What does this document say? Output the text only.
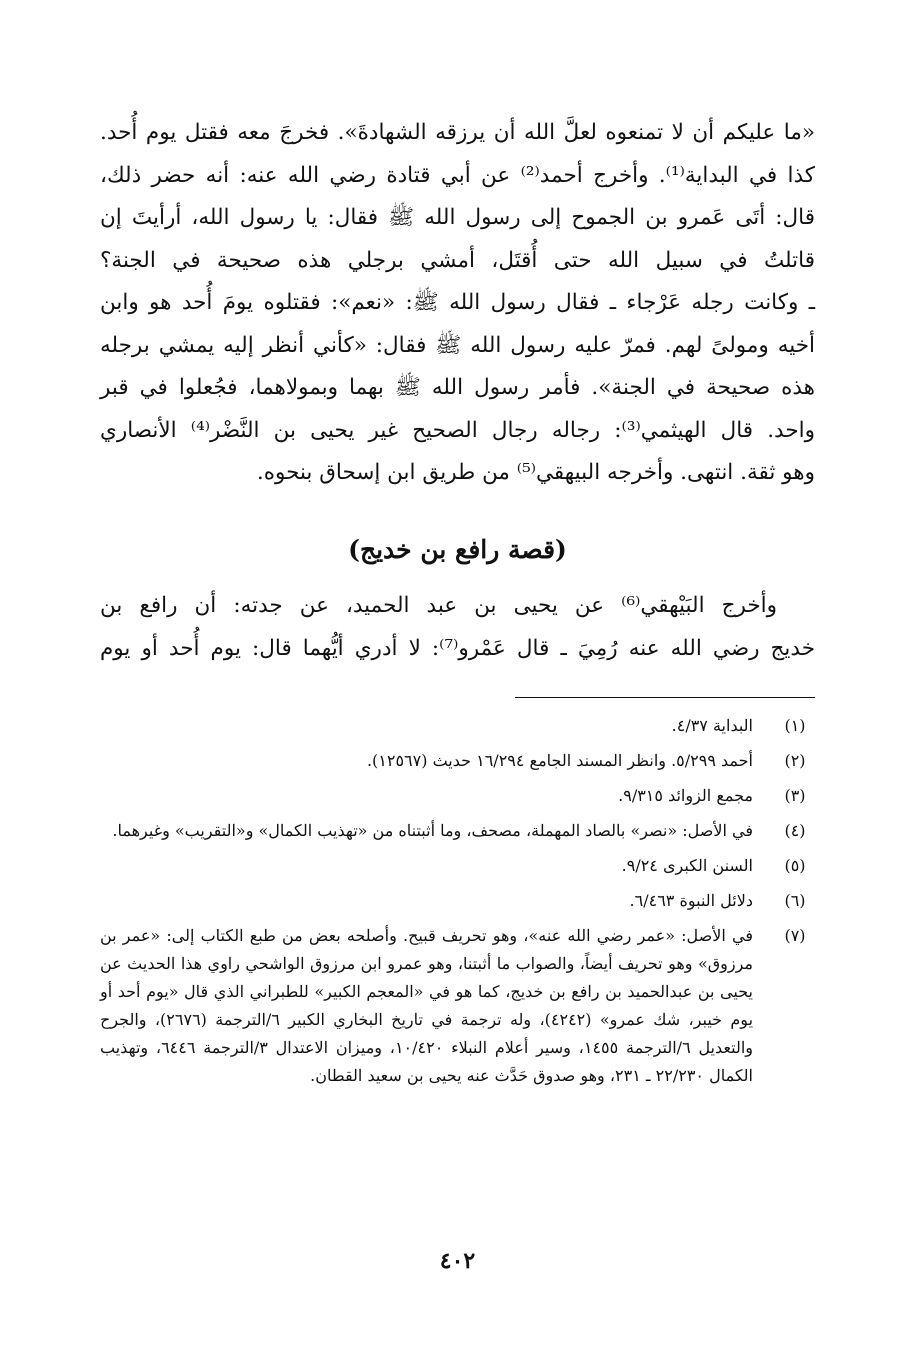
«ما عليكم أن لا تمنعوه لعلَّ الله أن يرزقه الشهادةَ». فخرجَ معه فقتل يوم أُحد.

كذا في البداية⁽¹⁾. وأخرج أحمد⁽²⁾ عن أبي قتادة رضي الله عنه: أنه حضر ذلك،

قال: أتَى عَمرو بن الجموح إلى رسول الله ﷺ فقال: يا رسول الله، أرأيتَ إن

قاتلتُ في سبيل الله حتى أُقتَل، أمشي برجلي هذه صحيحة في الجنة؟

ـ وكانت رجله عَرْجاء ـ فقال رسول الله ﷺ: «نعم»: فقتلوه يومَ أُحد هو وابن

أخيه ومولىً لهم. فمرّ عليه رسول الله ﷺ فقال: «كأني أنظر إليه يمشي برجله

هذه صحيحة في الجنة». فأمر رسول الله ﷺ بهما وبمولاهما، فجُعلوا في قبر

واحد. قال الهيثمي⁽³⁾: رجاله رجال الصحيح غير يحيى بن النَّضْر⁽⁴⁾ الأنصاري

وهو ثقة. انتهى. وأخرجه البيهقي⁽⁵⁾ من طريق ابن إسحاق بنحوه.

(قصة رافع بن خديج)

وأخرج البَيْهقي⁽⁶⁾ عن يحيى بن عبد الحميد، عن جدته: أن رافع بن

خديج رضي الله عنه رُمِيَ ـ قال عَمْرو⁽⁷⁾: لا أدري أيُّهما قال: يوم أُحد أو يوم

(١)
البداية ٤/٣٧.
(٢)
أحمد ٥/٢٩٩. وانظر المسند الجامع ١٦/٢٩٤ حديث (١٢٥٦٧).
(٣)
مجمع الزوائد ٩/٣١٥.
(٤)
في الأصل: «نصر» بالصاد المهملة، مصحف، وما أثبتناه من «تهذيب الكمال» و«التقريب» وغيرهما.
(٥)
السنن الكبرى ٩/٢٤.
(٦)
دلائل النبوة ٦/٤٦٣.
(٧)
في الأصل: «عمر رضي الله عنه»، وهو تحريف قبيح. وأصلحه بعض من طبع الكتاب إلى: «عمر بن مرزوق» وهو تحريف أيضاً، والصواب ما أثبتنا، وهو عمرو ابن مرزوق الواشحي راوي هذا الحديث عن يحيى بن عبدالحميد بن رافع بن خديج، كما هو في «المعجم الكبير» للطبراني الذي قال «يوم أحد أو يوم خيبر، شك عمرو» (٤٢٤٢)، وله ترجمة في تاريخ البخاري الكبير ٦/الترجمة (٢٦٧٦)، والجرح والتعديل ٦/الترجمة ١٤٥٥، وسير أعلام النبلاء ١٠/٤٢٠، وميزان الاعتدال ٣/الترجمة ٦٤٤٦، وتهذيب الكمال ٢٢/٢٣٠ ـ ٢٣١، وهو صدوق حَدَّث عنه يحيى بن سعيد القطان.
٤٠٢
